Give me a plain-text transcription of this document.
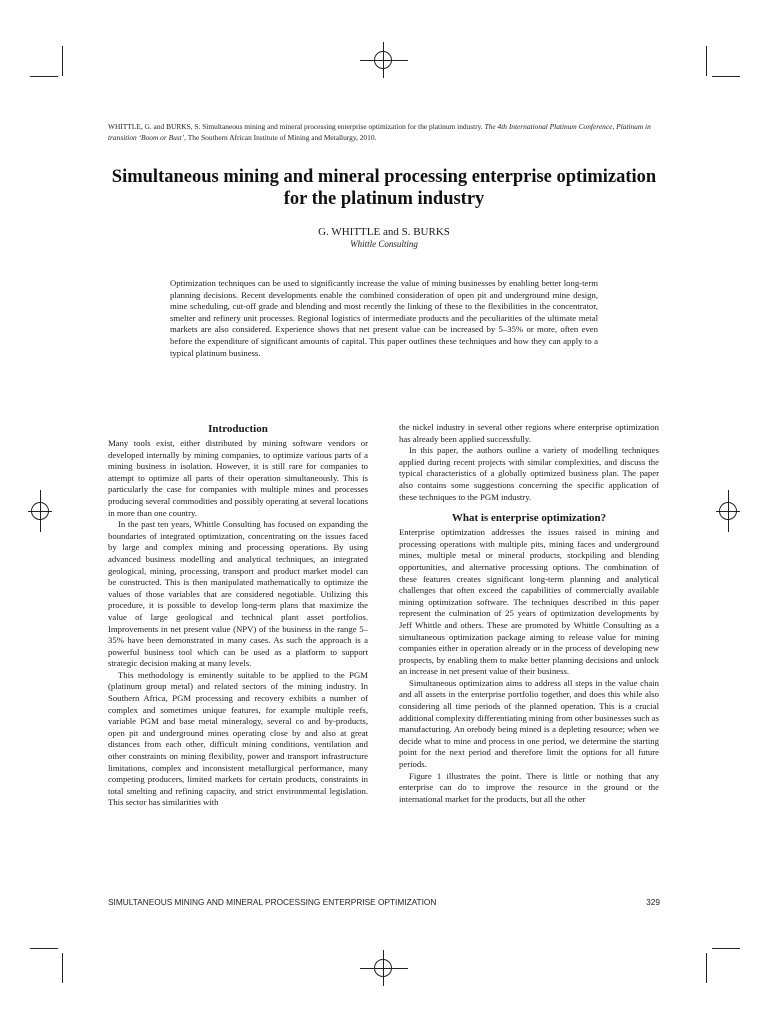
WHITTLE, G. and BURKS, S. Simultaneous mining and mineral processing enterprise optimization for the platinum industry. The 4th International Platinum Conference, Platinum in transition ‘Boom or Bust’, The Southern African Institute of Mining and Metallurgy, 2010.
Simultaneous mining and mineral processing enterprise optimization for the platinum industry
G. WHITTLE and S. BURKS
Whittle Consulting
Optimization techniques can be used to significantly increase the value of mining businesses by enabling better long-term planning decisions. Recent developments enable the combined consideration of open pit and underground mine design, mine scheduling, cut-off grade and blending and most recently the linking of these to the flexibilities in the concentrator, smelter and refinery unit processes. Regional logistics of intermediate products and the peculiarities of the ultimate metal markets are also considered. Experience shows that net present value can be increased by 5–35% or more, often even before the expenditure of significant amounts of capital. This paper outlines these techniques and how they can apply to a typical platinum business.
Introduction

Many tools exist, either distributed by mining software vendors or developed internally by mining companies, to optimize various parts of a mining business in isolation. However, it is still rare for companies to attempt to optimize all parts of their operation simultaneously. This is particularly the case for companies with multiple mines and processes producing several commodities and possibly operating at several locations in more than one country.

In the past ten years, Whittle Consulting has focused on expanding the boundaries of integrated optimization, concentrating on the issues faced by large and complex mining and processing operations. By using advanced business modelling and analytical techniques, an integrated geological, mining, processing, transport and product market model can be constructed. This is then manipulated mathematically to optimize the values of those variables that are considered negotiable. Utilizing this procedure, it is possible to develop long-term plans that maximize the value of large geological and technical plant asset portfolios. Improvements in net present value (NPV) of the business in the range 5–35% have been demonstrated in many cases. As such the approach is a powerful business tool which can be used as a platform to support strategic decision making at many levels.

This methodology is eminently suitable to be applied to the PGM (platinum group metal) and related sectors of the mining industry. In Southern Africa, PGM processing and recovery exhibits a number of complex and sometimes unique features, for example multiple reefs, variable PGM and base metal mineralogy, several co and by-products, open pit and underground mines operating close by and also at great distances from each other, difficult mining conditions, ventilation and other constraints on mining flexibility, power and transport infrastructure limitations, complex and inconsistent metallurgical performance, many competing producers, limited markets for certain products, constraints in total smelting and refining capacity, and strict environmental legislation. This sector has similarities with

the nickel industry in several other regions where enterprise optimization has already been applied successfully.

In this paper, the authors outline a variety of modelling techniques applied during recent projects with similar complexities, and discuss the typical characteristics of a globally optimized business plan. The paper also contains some suggestions concerning the specific application of these techniques to the PGM industry.

What is enterprise optimization?

Enterprise optimization addresses the issues raised in mining and processing operations with multiple pits, mining faces and underground mines, multiple metal or mineral products, stockpiling and blending opportunities, and alternative processing options. The combination of these features creates significant long-term planning and analytical challenges that often exceed the capabilities of commercially available mining optimization software. The techniques described in this paper represent the culmination of 25 years of optimization developments by Jeff Whittle and others. These are promoted by Whittle Consulting as a simultaneous optimization package aiming to release value for mining companies either in operation already or in the process of developing new prospects, by enabling them to make better planning decisions and unlock an increase in net present value of their business.

Simultaneous optimization aims to address all steps in the value chain and all assets in the enterprise portfolio together, and does this while also considering all time periods of the planned operation. This is a crucial additional complexity differentiating mining from other businesses such as manufacturing. An orebody being mined is a depleting resource; when we decide what to mine and process in one period, we determine the starting point for the next period and therefore limit the options for all future periods.

Figure 1 illustrates the point. There is little or nothing that any enterprise can do to improve the resource in the ground or the international market for the products, but all the other

SIMULTANEOUS MINING AND MINERAL PROCESSING ENTERPRISE OPTIMIZATION	329
